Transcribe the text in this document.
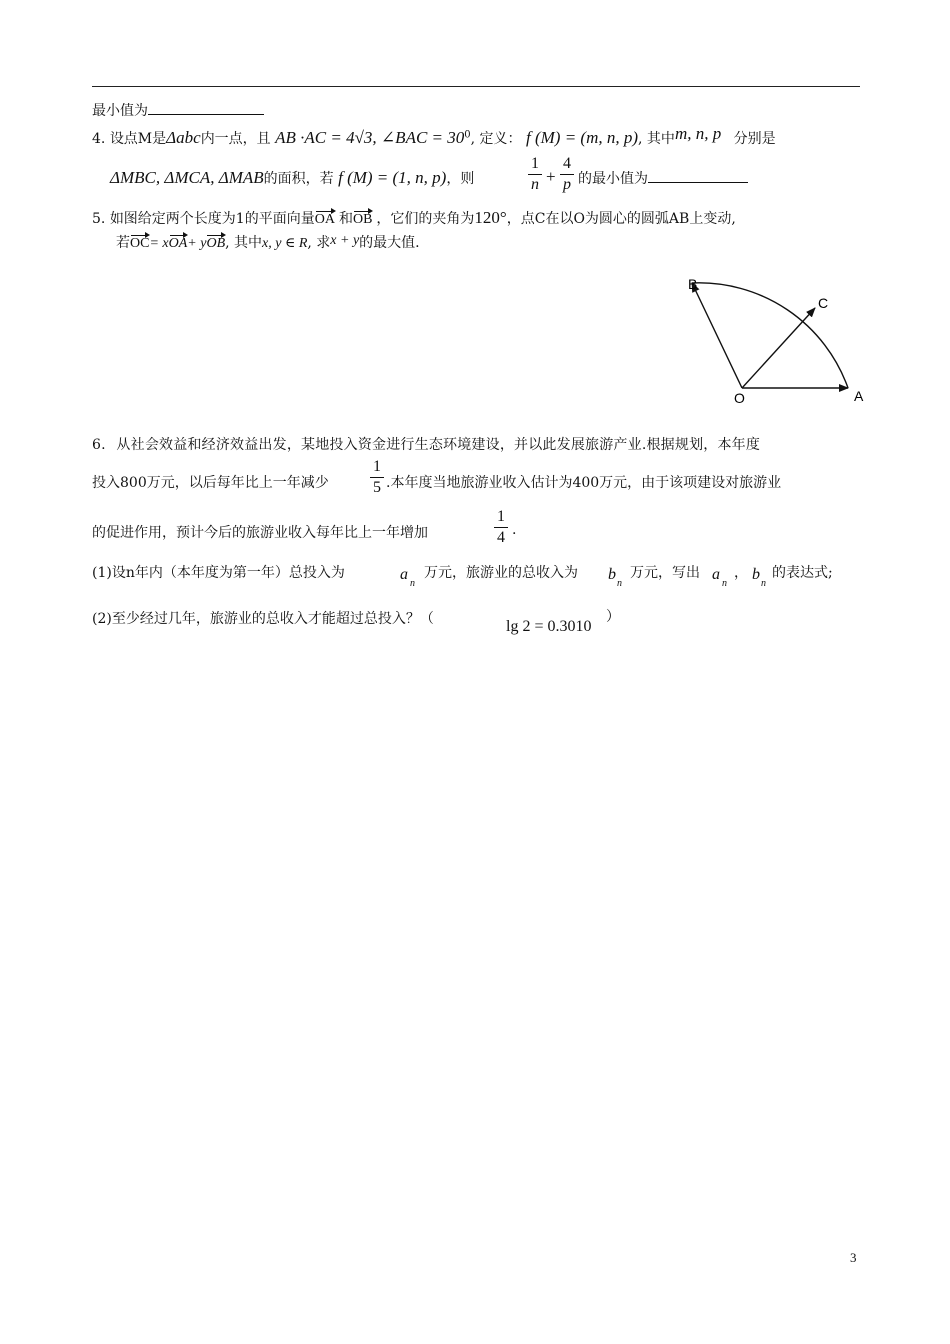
最小值为
4. 设点M是Δabc内一点，且 AB ·AC = 4√3, ∠BAC = $30^0$, 定义： f (M) = (m, n, p), 其中m, n, p 分别是
ΔMBC, ΔMCA, ΔMAB的面积，若 f (M) = (1, n, p)，则
1
n +
4
p 的最小值为
5. 如图给定两个长度为1的平面向量OA 和OB ，它们的夹角为120°，点C在以O为圆心的圆弧AB上变动,
若OC= xOA+ yOB, 其中x, y ∈ R, 求x + y的最大值.
B
C
O	A
6. 从社会效益和经济效益出发，某地投入资金进行生态环境建设，并以此发展旅游产业.根据规划，本年度
投入800万元，以后每年比上一年减少
1
5 .本年度当地旅游业收入估计为400万元，由于该项建设对旅游业
的促进作用，预计今后的旅游业收入每年比上一年增加
1
4 .
(1)设n年内（本年度为第一年）总投入为	a
n
万元，旅游业的总收入为 b
n
万元，写出 a
n
， b
n
的表达式;
(2)至少经过几年，旅游业的总收入才能超过总投入？（	lg 2 = 0.3010
）
3
